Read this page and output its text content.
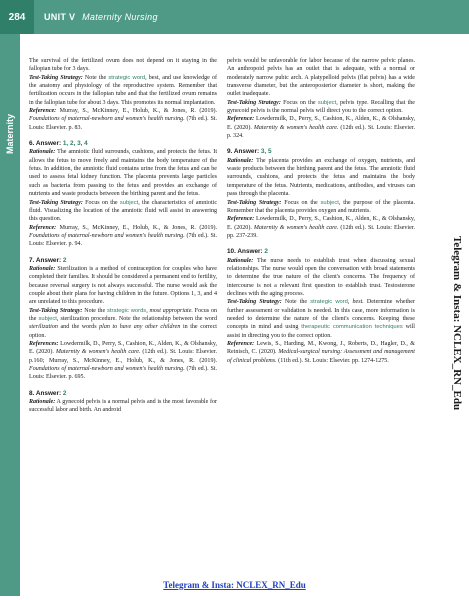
284	UNIT V Maternity Nursing
Maternity

The survival of the fertilized ovum does not depend on it staying in the fallopian tube for 3 days.

Test-Taking Strategy: Note the strategic word, best, and use knowledge of the anatomy and physiology of the reproductive system. Remember that fertilization occurs in the fallopian tube and that the fertilized ovum remains in the fallopian tube for about 3 days. This promotes its normal implantation.

Reference: Murray, S., McKinney, E., Holub, K., & Jones, R. (2019). Foundations of maternal-newborn and women's health nursing. (7th ed.). St. Louis: Elsevier. p. 83.

6. Answer: 1, 2, 3, 4

Rationale: The amniotic fluid surrounds, cushions, and protects the fetus. It allows the fetus to move freely and maintains the body temperature of the fetus. In addition, the amniotic fluid contains urine from the fetus and can be used to assess fetal kidney function. The placenta prevents large particles such as bacteria from passing to the fetus and provides an exchange of nutrients and waste products between the birthing parent and the fetus.

Test-Taking Strategy: Focus on the subject, the characteristics of amniotic fluid. Visualizing the location of the amniotic fluid will assist in answering this question.

Reference: Murray, S., McKinney, E., Holub, K., & Jones, R. (2019). Foundations of maternal-newborn and women's health nursing. (7th ed.). St. Louis: Elsevier. p. 94.

7. Answer: 2

Rationale: Sterilization is a method of contraception for couples who have completed their families. It should be considered a permanent end to fertility, because reversal surgery is not always successful. The nurse would ask the couple about their plans for having children in the future. Options 1, 3, and 4 are unrelated to this procedure.

Test-Taking Strategy: Note the strategic words, most appropriate. Focus on the subject, sterilization procedure. Note the relationship between the word sterilization and the words plan to have any other children in the correct option.

References: Lowdermilk, D., Perry, S., Cashion, K., Alden, K., & Olshansky, E. (2020). Maternity & women's health care. (12th ed.). St. Louis: Elsevier. p.160; Murray, S., McKinney, E., Holub, K., & Jones, R. (2019). Foundations of maternal-newborn and women's health nursing. (7th ed.). St. Louis: Elsevier. p. 695.

8. Answer: 2

Rationale: A gynecoid pelvis is a normal pelvis and is the most favorable for successful labor and birth. An android

pelvis would be unfavorable for labor because of the narrow pelvic planes. An anthropoid pelvis has an outlet that is adequate, with a normal or moderately narrow pubic arch. A platypelloid pelvis (flat pelvis) has a wide transverse diameter, but the anteroposterior diameter is short, making the outlet inadequate.

Test-Taking Strategy: Focus on the subject, pelvis type. Recalling that the gynecoid pelvis is the normal pelvis will direct you to the correct option.

Reference: Lowdermilk, D., Perry, S., Cashion, K., Alden, K., & Olshansky, E. (2020). Maternity & women's health care. (12th ed.). St. Louis: Elsevier. p. 324.

9. Answer: 3, 5

Rationale: The placenta provides an exchange of oxygen, nutrients, and waste products between the birthing parent and the fetus. The amniotic fluid surrounds, cushions, and protects the fetus and maintains the body temperature of the fetus. Nutrients, medications, antibodies, and viruses can pass through the placenta.

Test-Taking Strategy: Focus on the subject, the purpose of the placenta. Remember that the placenta provides oxygen and nutrients.

Reference: Lowdermilk, D., Perry, S., Cashion, K., Alden, K., & Olshansky, E. (2020). Maternity & women's health care. (12th ed.). St. Louis: Elsevier. pp. 237-239.

10. Answer: 2

Rationale: The nurse needs to establish trust when discussing sexual relationships. The nurse would open the conversation with broad statements to determine the true nature of the client's concerns. The frequency of intercourse is not a relevant first question to establish trust. Testosterone declines with the aging process.

Test-Taking Strategy: Note the strategic word, best. Determine whether further assessment or validation is needed. In this case, more information is needed to determine the nature of the client's concerns. Keeping these concepts in mind and using therapeutic communication techniques will assist in directing you to the correct option.

Reference: Lewis, S., Harding, M., Kwong, J., Roberts, D., Hagler, D., & Reinisch, C. (2020). Medical-surgical nursing: Assessment and management of clinical problems. (11th ed.). St. Louis: Elsevier. pp. 1274-1275.	Telegram & Insta: NCLEX_RN_Edu
Telegram & Insta: NCLEX_RN_Edu
